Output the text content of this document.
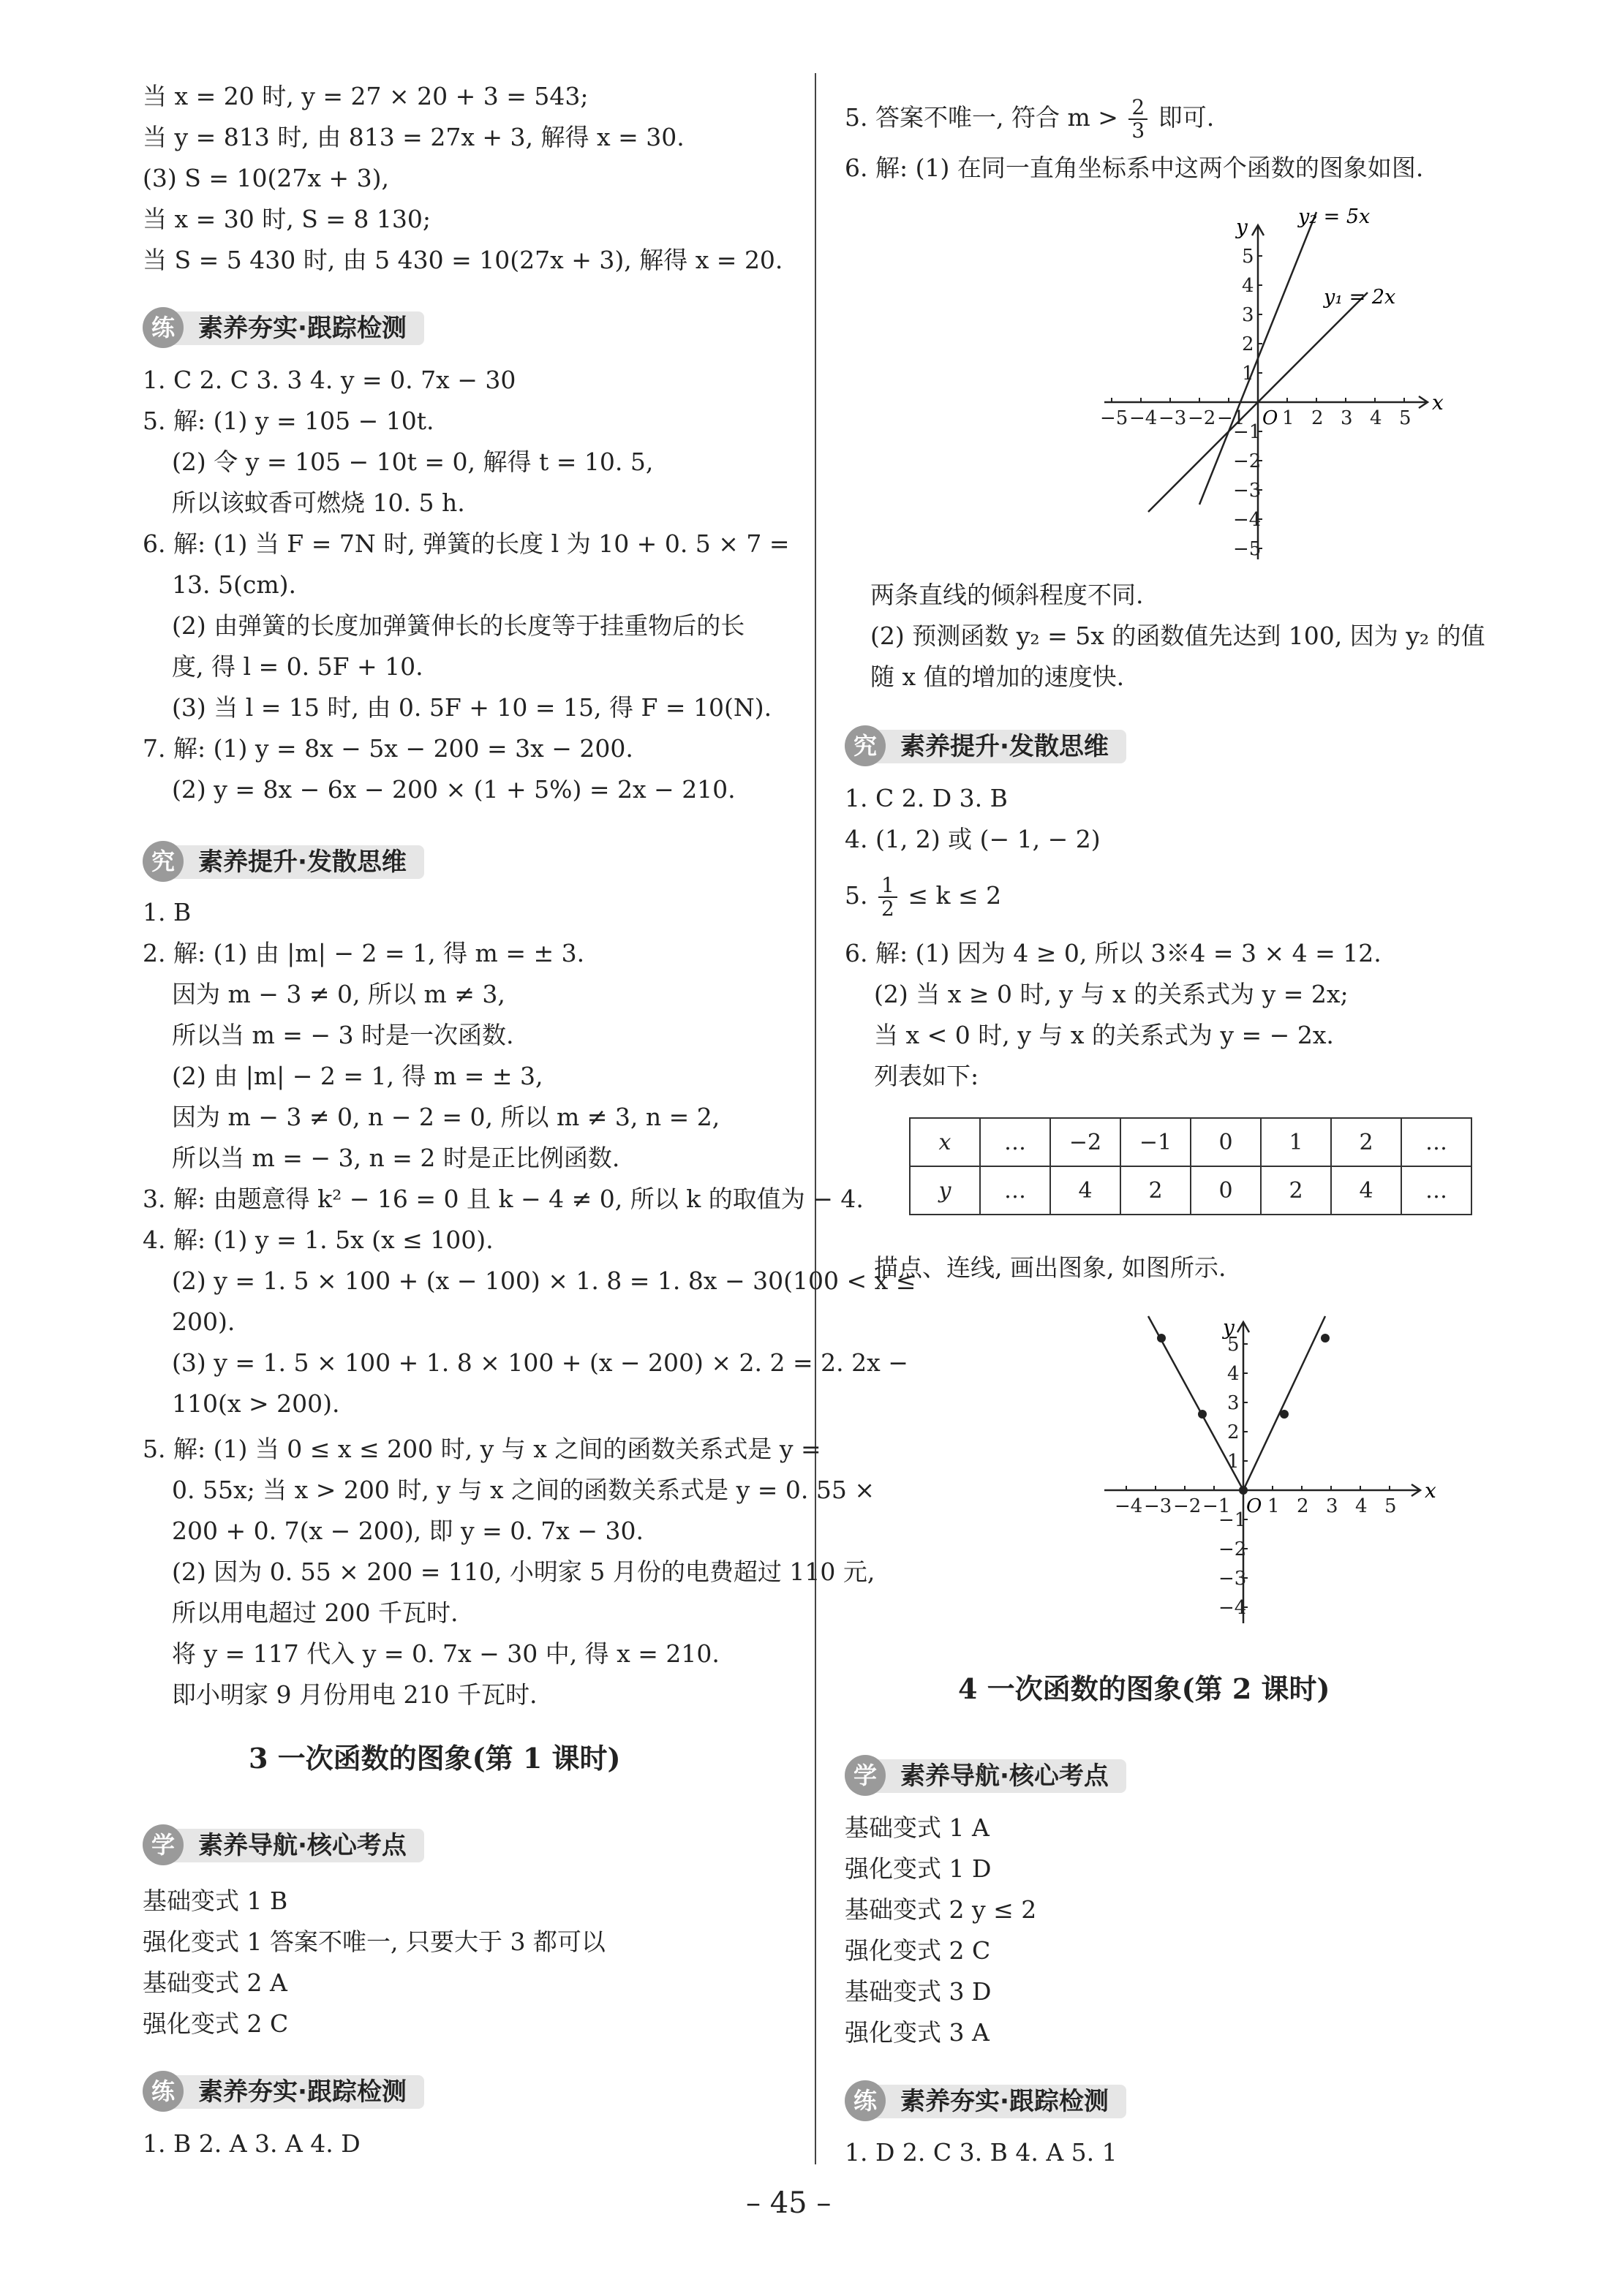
当 x = 20 时, y = 27 × 20 + 3 = 543;
当 y = 813 时, 由 813 = 27x + 3, 解得 x = 30.
(3) S = 10(27x + 3),
当 x = 30 时, S = 8 130;
当 S = 5 430 时, 由 5 430 = 10(27x + 3), 解得 x = 20.
素养夯实·跟踪检测
练
1. C 2. C 3. 3 4. y = 0. 7x − 30
5. 解: (1) y = 105 − 10t.
(2) 令 y = 105 − 10t = 0, 解得 t = 10. 5,
所以该蚊香可燃烧 10. 5 h.
6. 解: (1) 当 F = 7N 时, 弹簧的长度 l 为 10 + 0. 5 × 7 =
13. 5(cm).
(2) 由弹簧的长度加弹簧伸长的长度等于挂重物后的长
度, 得 l = 0. 5F + 10.
(3) 当 l = 15 时, 由 0. 5F + 10 = 15, 得 F = 10(N).
7. 解: (1) y = 8x − 5x − 200 = 3x − 200.
(2) y = 8x − 6x − 200 × (1 + 5%) = 2x − 210.
素养提升·发散思维
究
1. B
2. 解: (1) 由 |m| − 2 = 1, 得 m = ± 3.
因为 m − 3 ≠ 0, 所以 m ≠ 3,
所以当 m = − 3 时是一次函数.
(2) 由 |m| − 2 = 1, 得 m = ± 3,
因为 m − 3 ≠ 0, n − 2 = 0, 所以 m ≠ 3, n = 2,
所以当 m = − 3, n = 2 时是正比例函数.
3. 解: 由题意得 k² − 16 = 0 且 k − 4 ≠ 0, 所以 k 的取值为 − 4.
4. 解: (1) y = 1. 5x (x ≤ 100).
(2) y = 1. 5 × 100 + (x − 100) × 1. 8 = 1. 8x − 30(100 < x ≤
200).
(3) y = 1. 5 × 100 + 1. 8 × 100 + (x − 200) × 2. 2 = 2. 2x −
110(x > 200).
5. 解: (1) 当 0 ≤ x ≤ 200 时, y 与 x 之间的函数关系式是 y =
0. 55x; 当 x > 200 时, y 与 x 之间的函数关系式是 y = 0. 55 ×
200 + 0. 7(x − 200), 即 y = 0. 7x − 30.
(2) 因为 0. 55 × 200 = 110, 小明家 5 月份的电费超过 110 元,
所以用电超过 200 千瓦时.
将 y = 117 代入 y = 0. 7x − 30 中, 得 x = 210.
即小明家 9 月份用电 210 千瓦时.
3 一次函数的图象(第 1 课时)
素养导航·核心考点
学
基础变式 1 B
强化变式 1 答案不唯一, 只要大于 3 都可以
基础变式 2 A
强化变式 2 C
素养夯实·跟踪检测
练
1. B 2. A 3. A 4. D
5. 答案不唯一, 符合 $m > \frac{2}{3}$ 即可.
6. 解: (1) 在同一直角坐标系中这两个函数的图象如图.
−5 −4 −3 −2 −1 1 2 3 4 5
5
4
3
2
1
−1
−2
−3
−4
−5
x
y
O
y₂ = 5x
y₁ = 2x
两条直线的倾斜程度不同.
(2) 预测函数 y₂ = 5x 的函数值先达到 100, 因为 y₂ 的值
随 x 值的增加的速度快.
素养提升·发散思维
究
1. C 2. D 3. B
4. (1, 2) 或 (− 1, − 2)
5. $\frac{1}{2} \le k \le 2$
6. 解: (1) 因为 4 ≥ 0, 所以 3※4 = 3 × 4 = 12.
(2) 当 x ≥ 0 时, y 与 x 的关系式为 y = 2x;
当 x < 0 时, y 与 x 的关系式为 y = − 2x.
列表如下:
x	…	−2	−1	0	1	2	…
y	…	4	2	0	2	4	…
描点、连线, 画出图象, 如图所示.
−4 −3 −2 −1 1 2 3 4 5
5
4
3
2
1
−1
−2
−3
−4
x
y
O
4 一次函数的图象(第 2 课时)
素养导航·核心考点
学
基础变式 1 A
强化变式 1 D
基础变式 2 y ≤ 2
强化变式 2 C
基础变式 3 D
强化变式 3 A
素养夯实·跟踪检测
练
1. D 2. C 3. B 4. A 5. 1
– 45 –
